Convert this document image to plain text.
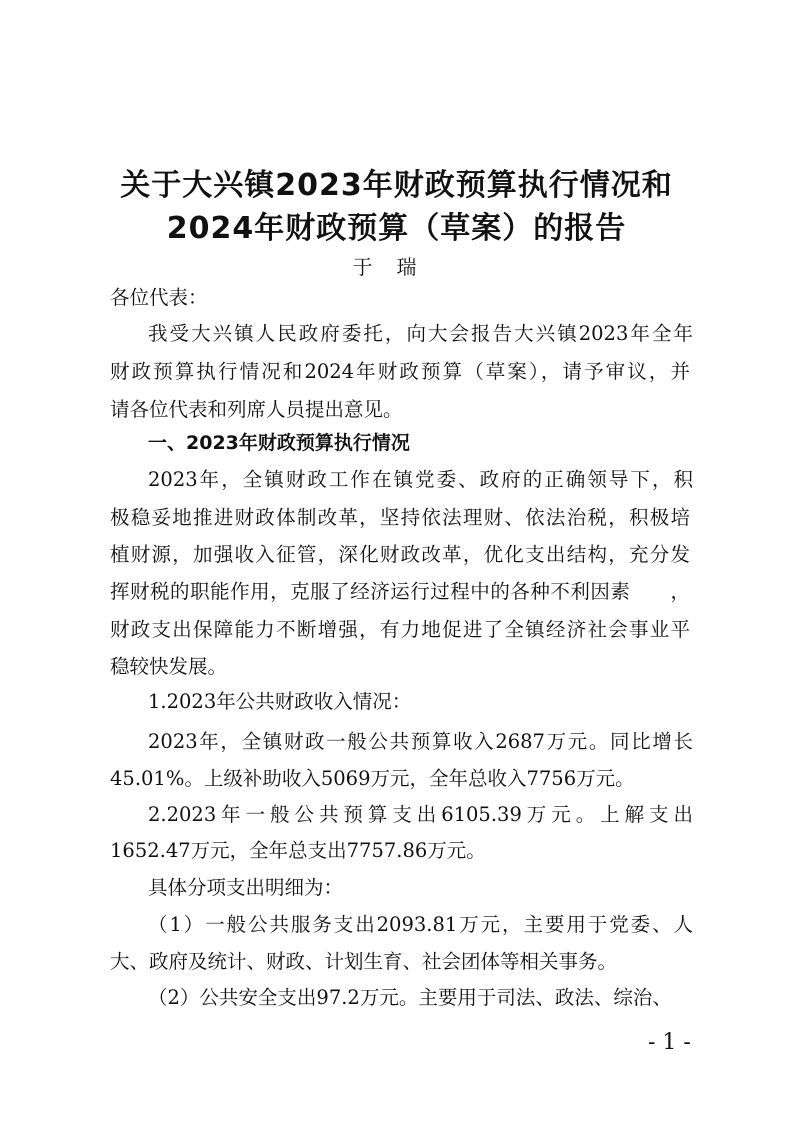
关于大兴镇2023年财政预算执行情况和
2024年财政预算（草案）的报告
于瑞
各位代表：
我受大兴镇人民政府委托，向大会报告大兴镇2023年全年
财政预算执行情况和2024年财政预算（草案），请予审议，并
请各位代表和列席人员提出意见。
一、2023年财政预算执行情况
2023年，全镇财政工作在镇党委、政府的正确领导下，积
极稳妥地推进财政体制改革，坚持依法理财、依法治税，积极培
植财源，加强收入征管，深化财政改革，优化支出结构，充分发
挥财税的职能作用，克服了经济运行过程中的各种不利因素　　，
财政支出保障能力不断增强，有力地促进了全镇经济社会事业平
稳较快发展。
1.2023年公共财政收入情况：
2023年，全镇财政一般公共预算收入2687万元。同比增长
45.01%。上级补助收入5069万元，全年总收入7756万元。
2.2023年一般公共预算支出6105.39万元。上解支出
1652.47万元，全年总支出7757.86万元。
具体分项支出明细为：
（1）一般公共服务支出2093.81万元，主要用于党委、人
大、政府及统计、财政、计划生育、社会团体等相关事务。
（2）公共安全支出97.2万元。主要用于司法、政法、综治、
- 1 -
